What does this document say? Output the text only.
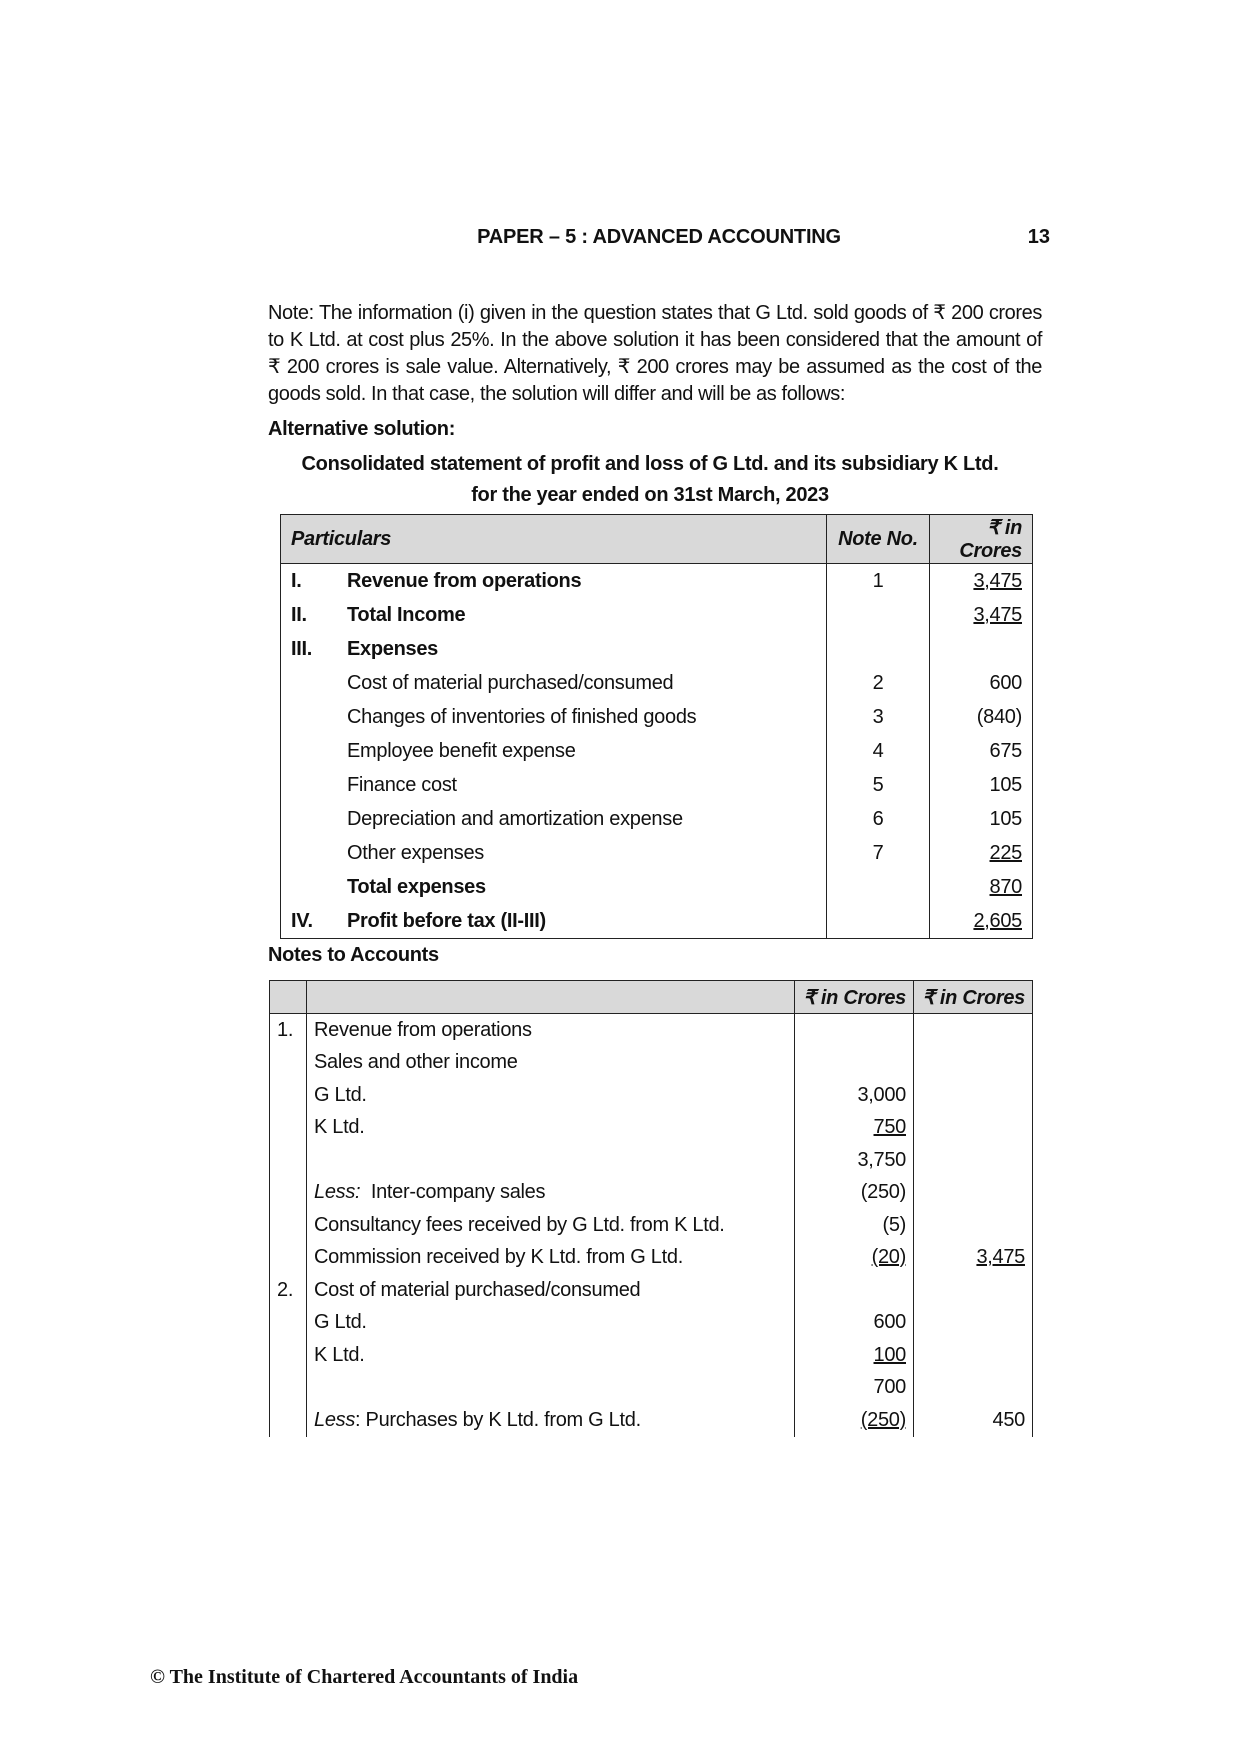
PAPER – 5 : ADVANCED ACCOUNTING	13
Note: The information (i) given in the question states that G Ltd. sold goods of ₹ 200 crores to K Ltd. at cost plus 25%. In the above solution it has been considered that the amount of ₹ 200 crores is sale value. Alternatively, ₹ 200 crores may be assumed as the cost of the goods sold. In that case, the solution will differ and will be as follows:
Alternative solution:
Consolidated statement of profit and loss of G Ltd. and its subsidiary K Ltd.
for the year ended on 31st March, 2023
Particulars		Note No.	₹ in Crores
I.	Revenue from operations	1	3,475
II.	Total Income		3,475
III.	Expenses		
	Cost of material purchased/consumed	2	600
	Changes of inventories of finished goods	3	(840)
	Employee benefit expense	4	675
	Finance cost	5	105
	Depreciation and amortization expense	6	105
	Other expenses	7	225
	Total expenses		870
IV.	Profit before tax (II-III)		2,605
Notes to Accounts
		₹ in Crores	₹ in Crores
1.	Revenue from operations		
	Sales and other income		
	G Ltd.	3,000	
	K Ltd.	750	
		3,750	
	Less: Inter-company sales	(250)	
	Consultancy fees received by G Ltd. from K Ltd.	(5)	
	Commission received by K Ltd. from G Ltd.	(20)	3,475
2.	Cost of material purchased/consumed		
	G Ltd.	600	
	K Ltd.	100	
		700	
	Less: Purchases by K Ltd. from G Ltd.	(250)	450
© The Institute of Chartered Accountants of India
